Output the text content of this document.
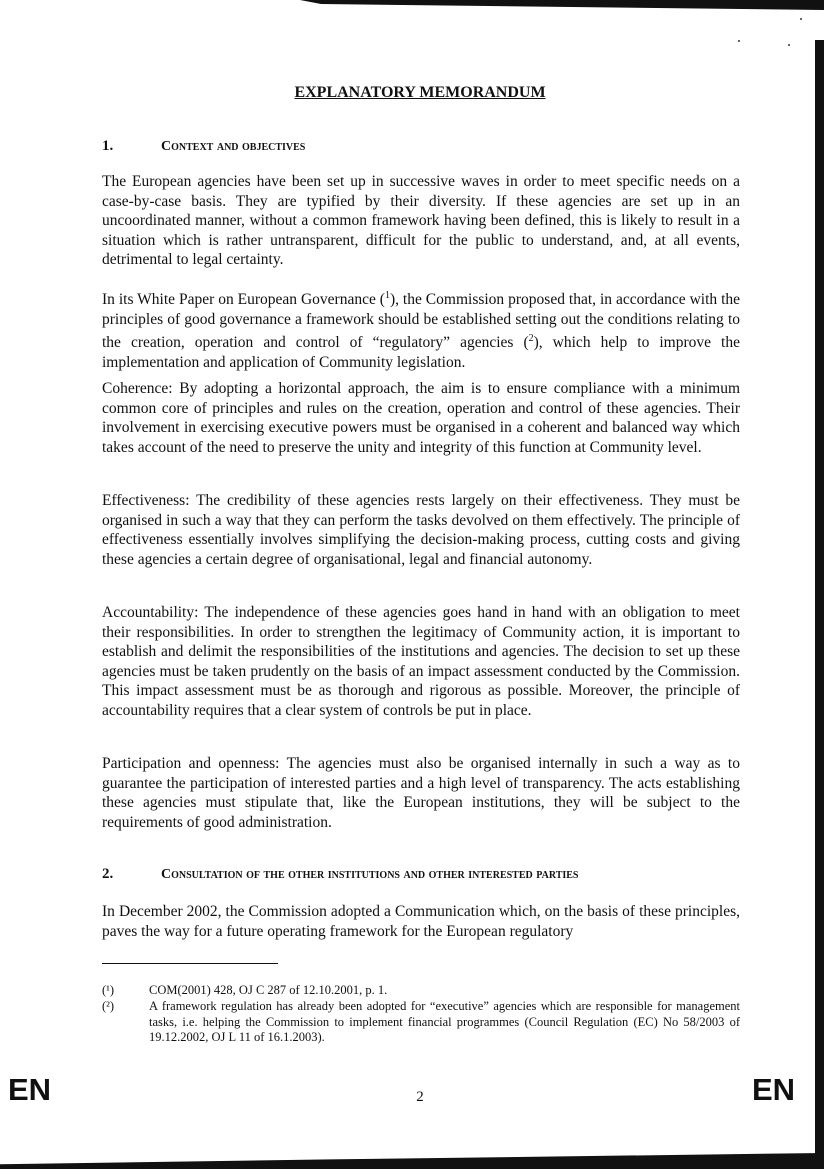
EXPLANATORY MEMORANDUM
1.	Context and objectives

The European agencies have been set up in successive waves in order to meet specific needs on a case-by-case basis. They are typified by their diversity. If these agencies are set up in an uncoordinated manner, without a common framework having been defined, this is likely to result in a situation which is rather untransparent, difficult for the public to understand, and, at all events, detrimental to legal certainty.

In its White Paper on European Governance ($^1$), the Commission proposed that, in accordance with the principles of good governance a framework should be established setting out the conditions relating to the creation, operation and control of “regulatory” agencies ($^2$), which help to improve the implementation and application of Community legislation.

Coherence: By adopting a horizontal approach, the aim is to ensure compliance with a minimum common core of principles and rules on the creation, operation and control of these agencies. Their involvement in exercising executive powers must be organised in a coherent and balanced way which takes account of the need to preserve the unity and integrity of this function at Community level.

Effectiveness: The credibility of these agencies rests largely on their effectiveness. They must be organised in such a way that they can perform the tasks devolved on them effectively. The principle of effectiveness essentially involves simplifying the decision-making process, cutting costs and giving these agencies a certain degree of organisational, legal and financial autonomy.

Accountability: The independence of these agencies goes hand in hand with an obligation to meet their responsibilities. In order to strengthen the legitimacy of Community action, it is important to establish and delimit the responsibilities of the institutions and agencies. The decision to set up these agencies must be taken prudently on the basis of an impact assessment conducted by the Commission. This impact assessment must be as thorough and rigorous as possible. Moreover, the principle of accountability requires that a clear system of controls be put in place.

Participation and openness: The agencies must also be organised internally in such a way as to guarantee the participation of interested parties and a high level of transparency. The acts establishing these agencies must stipulate that, like the European institutions, they will be subject to the requirements of good administration.

2.	Consultation of the other institutions and other interested parties

In December 2002, the Commission adopted a Communication which, on the basis of these principles, paves the way for a future operating framework for the European regulatory

(¹)	COM(2001) 428, OJ C 287 of 12.10.2001, p. 1.
(²)	A framework regulation has already been adopted for “executive” agencies which are responsible for management tasks, i.e. helping the Commission to implement financial programmes (Council Regulation (EC) No 58/2003 of 19.12.2002, OJ L 11 of 16.1.2003).
EN	2	EN
